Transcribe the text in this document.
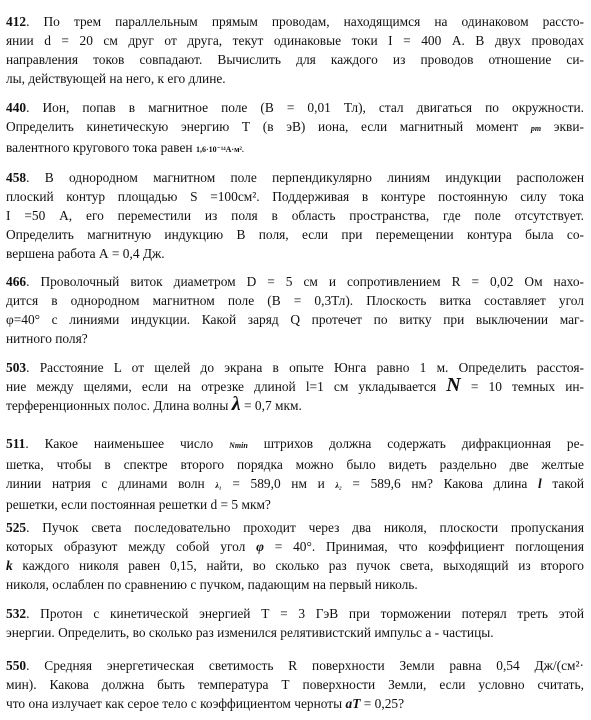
412. По трем параллельным прямым проводам, находящимся на одинаковом рассто-
янии d = 20 см друг от друга, текут одинаковые токи I = 400 А. В двух проводах
направления токов совпадают. Вычислить для каждого из проводов отношение си-
лы, действующей на него, к его длине.
440. Ион, попав в магнитное поле (В = 0,01 Тл), стал двигаться по окружности.
Определить кинетическую энергию Т (в эВ) иона, если магнитный момент pm экви-
валентного кругового тока равен 1,6·10⁻¹⁴А·м².
458. В однородном магнитном поле перпендикулярно линиям индукции расположен
плоский контур площадью S =100см². Поддерживая в контуре постоянную силу тока
I =50 А, его переместили из поля в область пространства, где поле отсутствует.
Определить магнитную индукцию В поля, если при перемещении контура была со-
вершена работа А = 0,4 Дж.
466. Проволочный виток диаметром D = 5 см и сопротивлением R = 0,02 Ом нахо-
дится в однородном магнитном поле (В = 0,3Тл). Плоскость витка составляет угол
φ=40° с линиями индукции. Какой заряд Q протечет по витку при выключении маг-
нитного поля?
503. Расстояние L от щелей до экрана в опыте Юнга равно 1 м. Определить расстоя-
ние между щелями, если на отрезке длиной l=1 см укладывается N = 10 темных ин-
терференционных полос. Длина волны λ = 0,7 мкм.
511. Какое наименьшее число Nmin штрихов должна содержать дифракционная ре-
шетка, чтобы в спектре второго порядка можно было видеть раздельно две желтые
линии натрия с длинами волн λ₁ = 589,0 нм и λ₂ = 589,6 нм? Какова длина l такой
решетки, если постоянная решетки d = 5 мкм?
525. Пучок света последовательно проходит через два николя, плоскости пропускания
которых образуют между собой угол φ = 40°. Принимая, что коэффициент поглощения
k каждого николя равен 0,15, найти, во сколько раз пучок света, выходящий из второго
николя, ослаблен по сравнению с пучком, падающим на первый николь.
532. Протон с кинетической энергией Т = 3 ГэВ при торможении потерял треть этой
энергии. Определить, во сколько раз изменился релятивистский импульс а - частицы.
550. Средняя энергетическая светимость R поверхности Земли равна 0,54 Дж/(см²·
мин). Какова должна быть температура Т поверхности Земли, если условно считать,
что она излучает как серое тело с коэффициентом черноты aT = 0,25?
